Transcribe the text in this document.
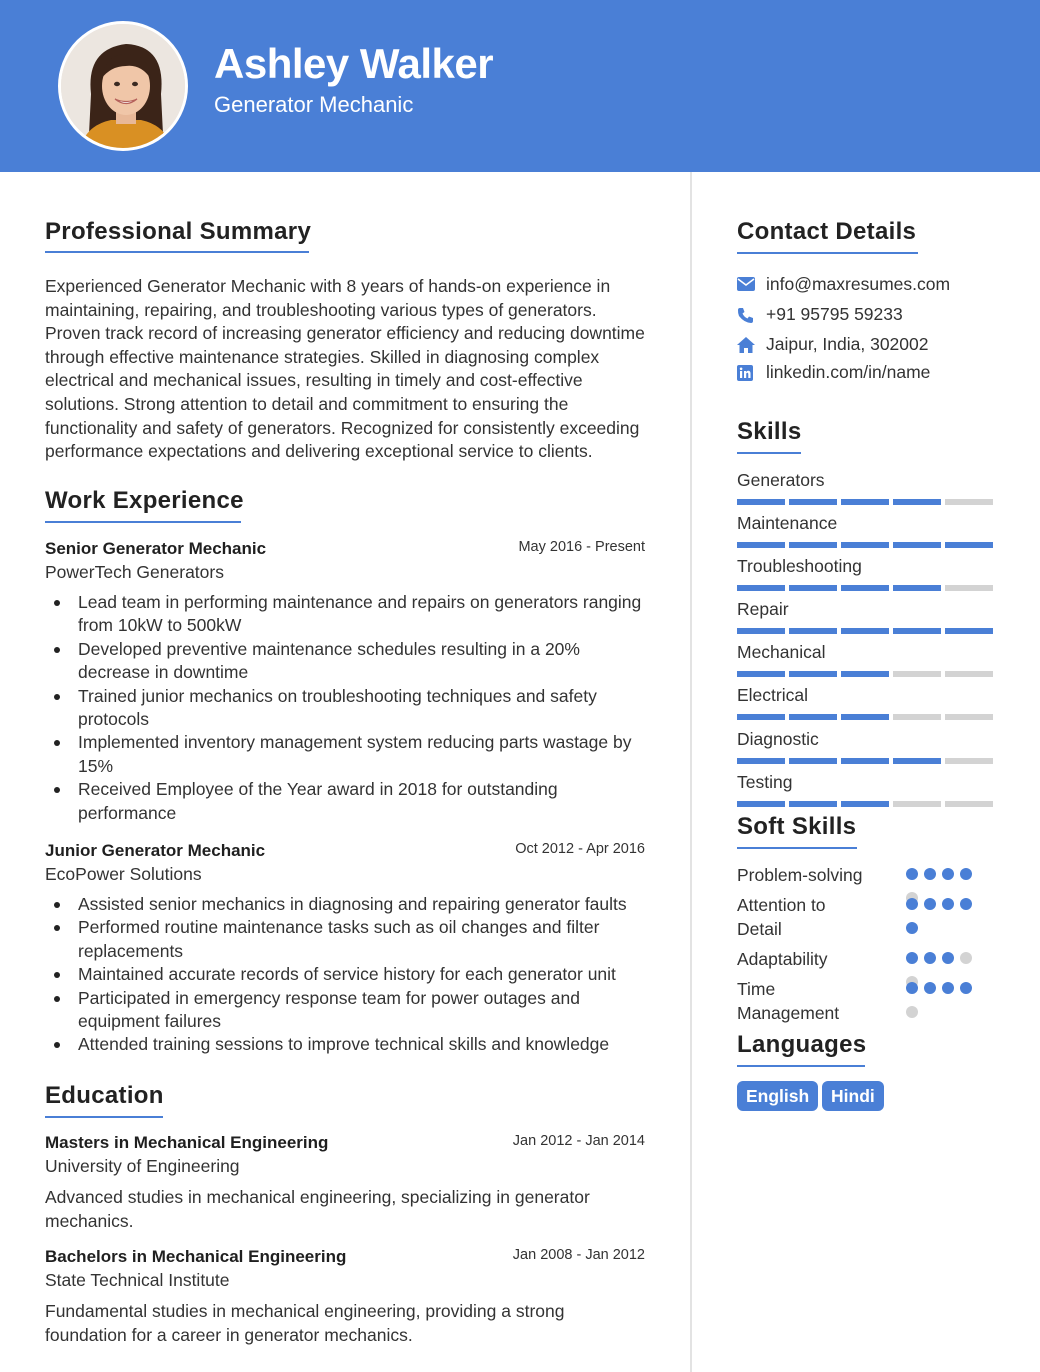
Ashley Walker
Generator Mechanic
Professional Summary
Experienced Generator Mechanic with 8 years of hands-on experience in maintaining, repairing, and troubleshooting various types of generators. Proven track record of increasing generator efficiency and reducing downtime through effective maintenance strategies. Skilled in diagnosing complex electrical and mechanical issues, resulting in timely and cost-effective solutions. Strong attention to detail and commitment to ensuring the functionality and safety of generators. Recognized for consistently exceeding performance expectations and delivering exceptional service to clients.
Work Experience
Senior Generator Mechanic	May 2016 - Present
PowerTech Generators
Lead team in performing maintenance and repairs on generators ranging from 10kW to 500kW
Developed preventive maintenance schedules resulting in a 20% decrease in downtime
Trained junior mechanics on troubleshooting techniques and safety protocols
Implemented inventory management system reducing parts wastage by 15%
Received Employee of the Year award in 2018 for outstanding performance
Junior Generator Mechanic	Oct 2012 - Apr 2016
EcoPower Solutions
Assisted senior mechanics in diagnosing and repairing generator faults
Performed routine maintenance tasks such as oil changes and filter replacements
Maintained accurate records of service history for each generator unit
Participated in emergency response team for power outages and equipment failures
Attended training sessions to improve technical skills and knowledge
Education
Masters in Mechanical Engineering	Jan 2012 - Jan 2014
University of Engineering
Advanced studies in mechanical engineering, specializing in generator mechanics.
Bachelors in Mechanical Engineering	Jan 2008 - Jan 2012
State Technical Institute
Fundamental studies in mechanical engineering, providing a strong foundation for a career in generator mechanics.
Contact Details
info@maxresumes.com
+91 95795 59233
Jaipur, India, 302002
linkedin.com/in/name
Skills
Generators
Maintenance
Troubleshooting
Repair
Mechanical
Electrical
Diagnostic
Testing
Soft Skills
Problem-solving
Attention to Detail
Adaptability
Time Management
Languages
English	Hindi
